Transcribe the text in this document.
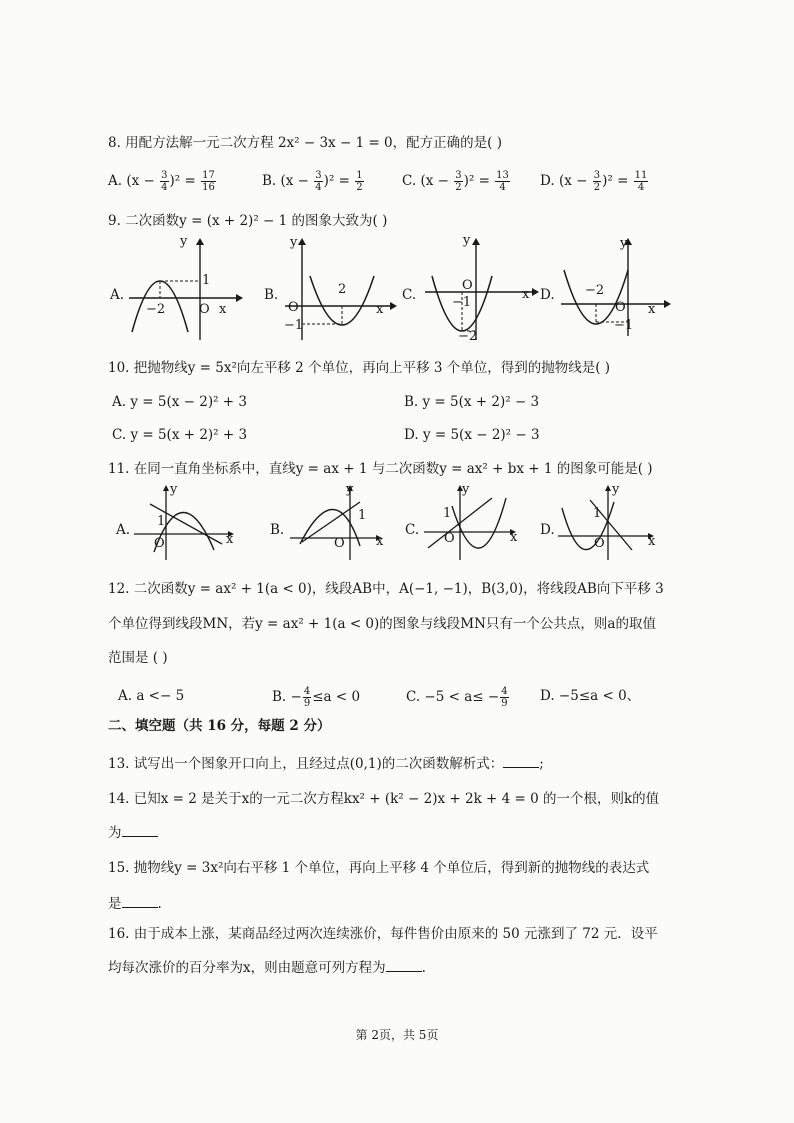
8. 用配方法解一元二次方程 2x² − 3x − 1 = 0，配方正确的是( )
A. $(x - \frac{3}{4} )^2 = \frac{17}{16}$	B. $(x - \frac{3}{4} )^2 = \frac{1}{2}$	C. $(x - \frac{3}{2} )^2 = \frac{13}{4} D$. $(x - \frac{3}{2} )^2 = \frac{11}{4}$
9. 二次函数y = (x + 2)² − 1 的图象大致为( )
A.
y
1
−2	O x
B.
y
2
O
−1
x
C.
y
O
−1
−2
x D.
y
−2
O
−1
x
10. 把抛物线y = 5x²向左平移 2 个单位，再向上平移 3 个单位，得到的抛物线是( )
A. y = 5(x − 2)² + 3	B. y = 5(x + 2)² − 3
C. y = 5(x + 2)² + 3	D. y = 5(x − 2)² − 3
11. 在同一直角坐标系中，直线y = ax + 1 与二次函数y = ax² + bx + 1 的图象可能是( )
A.
y
1
O	x
B.
y
1
O x
C.
y
1
O	x D.
y
1
O	x
12. 二次函数y = ax² + 1(a < 0)，线段AB中，A(−1, −1)，B(3,0)，将线段AB向下平移 3
个单位得到线段MN，若y = ax² + 1(a < 0)的图象与线段MN只有一个公共点，则a的取值
范围是 ( )
A. a <− 5	B. − $\frac{4}{9} \le a < 0$	C. $-5 < a\le - \frac{4}{9} D$. −5≤a < 0、
二、填空题（共 16 分，每题 2 分）
13. 试写出一个图象开口向上，且经过点(0,1)的二次函数解析式：	;
14. 已知x = 2 是关于x的一元二次方程kx² + (k² − 2)x + 2k + 4 = 0 的一个根，则k的值
为
15. 抛物线y = 3x²向右平移 1 个单位，再向上平移 4 个单位后，得到新的抛物线的表达式
是	.
16. 由于成本上涨，某商品经过两次连续涨价，每件售价由原来的 50 元涨到了 72 元．设平
均每次涨价的百分率为x，则由题意可列方程为	.
第 2页，共 5页
